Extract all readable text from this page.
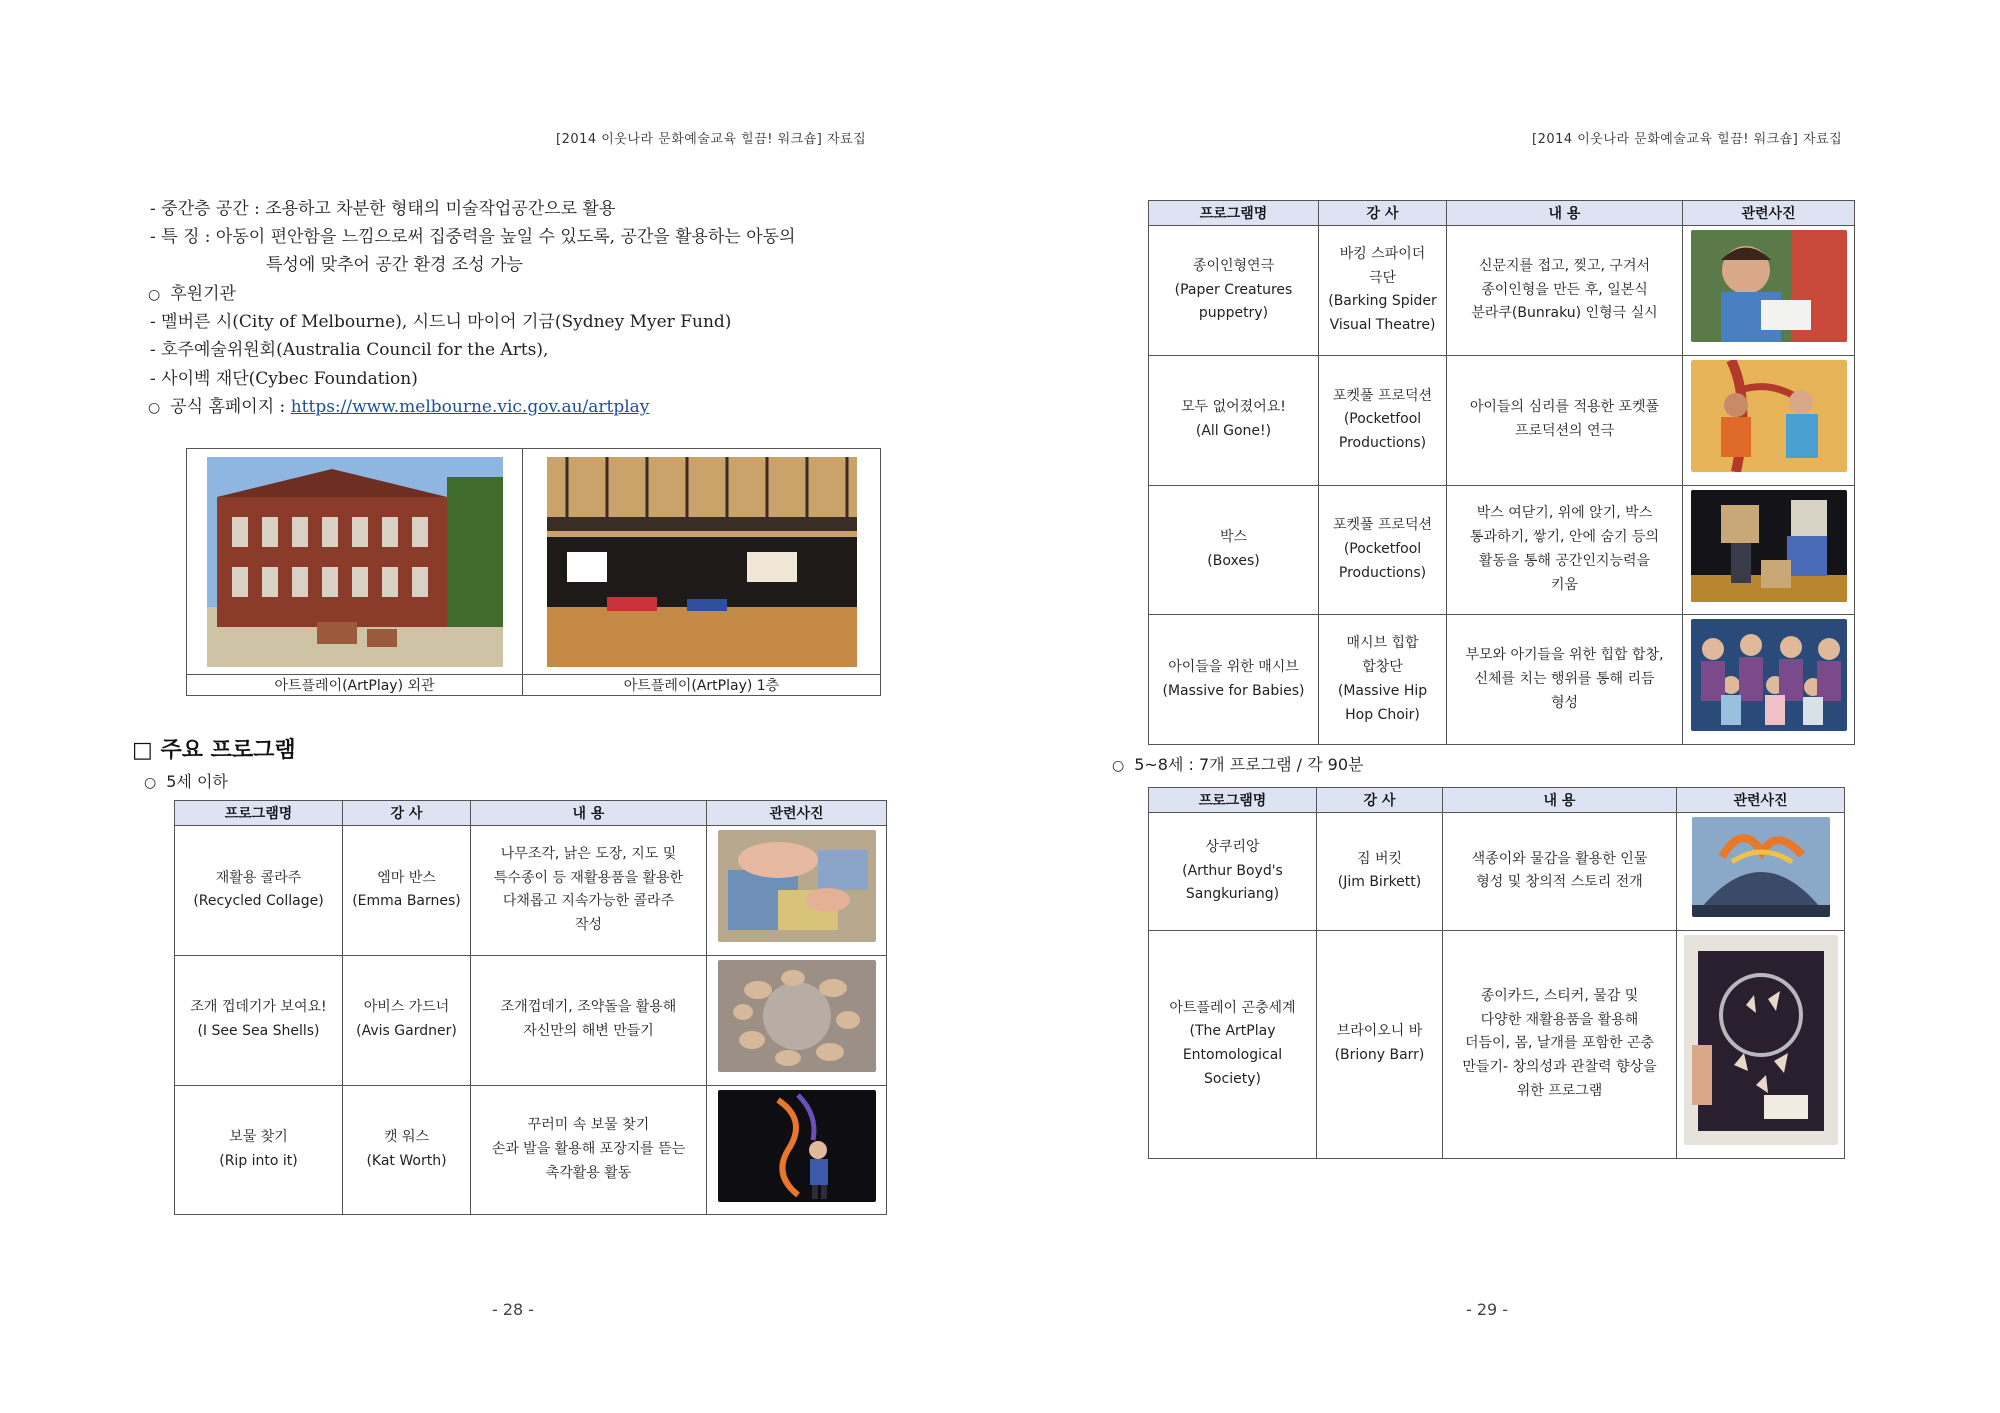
[2014 이웃나라 문화예술교육 힐끔! 워크숍] 자료집	[2014 이웃나라 문화예술교육 힐끔! 워크숍] 자료집
- 중간층 공간 : 조용하고 차분한 형태의 미술작업공간으로 활용
- 특 징 : 아동이 편안함을 느낌으로써 집중력을 높일 수 있도록, 공간을 활용하는 아동의
특성에 맞추어 공간 환경 조성 가능
○ 후원기관
- 멜버른 시(City of Melbourne), 시드니 마이어 기금(Sydney Myer Fund)
- 호주예술위원회(Australia Council for the Arts),
- 사이벡 재단(Cybec Foundation)
○ 공식 홈페이지 : https://www.melbourne.vic.gov.au/artplay

아트플레이(ArtPlay) 외관	아트플레이(ArtPlay) 1층
□ 주요 프로그램
○ 5세 이하
프로그램명	강 사	내 용	관련사진

재활용 콜라주
(Recycled Collage)	엠마 반스
(Emma Barnes)	나무조각, 낡은 도장, 지도 및
특수종이 등 재활용품을 활용한
다채롭고 지속가능한 콜라주
작성

조개 껍데기가 보여요!
(I See Sea Shells)	아비스 가드너
(Avis Gardner)	조개껍데기, 조약돌을 활용해
자신만의 해변 만들기

보물 찾기
(Rip into it)	캣 워스
(Kat Worth)	꾸러미 속 보물 찾기
손과 발을 활용해 포장지를 뜯는
촉각활용 활동

- 28 -
프로그램명	강 사	내 용	관련사진

종이인형연극
(Paper Creatures
puppetry)	바킹 스파이더
극단
(Barking Spider
Visual Theatre)	신문지를 접고, 찢고, 구겨서
종이인형을 만든 후, 일본식
분라쿠(Bunraku) 인형극 실시

모두 없어졌어요!
(All Gone!)	포켓풀 프로덕션
(Pocketfool
Productions)	아이들의 심리를 적용한 포켓풀
프로덕션의 연극

박스
(Boxes)	포켓풀 프로덕션
(Pocketfool
Productions)	박스 여닫기, 위에 앉기, 박스
통과하기, 쌓기, 안에 숨기 등의
활동을 통해 공간인지능력을
키움

아이들을 위한 매시브
(Massive for Babies)	매시브 힙합
합창단
(Massive Hip
Hop Choir)	부모와 아기들을 위한 힙합 합창,
신체를 치는 행위를 통해 리듬
형성

○ 5~8세 : 7개 프로그램 / 각 90분
프로그램명	강 사	내 용	관련사진

상쿠리앙
(Arthur Boyd's
Sangkuriang)	짐 버킷
(Jim Birkett)	색종이와 물감을 활용한 인물
형성 및 창의적 스토리 전개

아트플레이 곤충세계
(The ArtPlay
Entomological Society)	브라이오니 바
(Briony Barr)	종이카드, 스티커, 물감 및
다양한 재활용품을 활용해
더듬이, 몸, 날개를 포함한 곤충
만들기- 창의성과 관찰력 향상을
위한 프로그램

- 29 -
